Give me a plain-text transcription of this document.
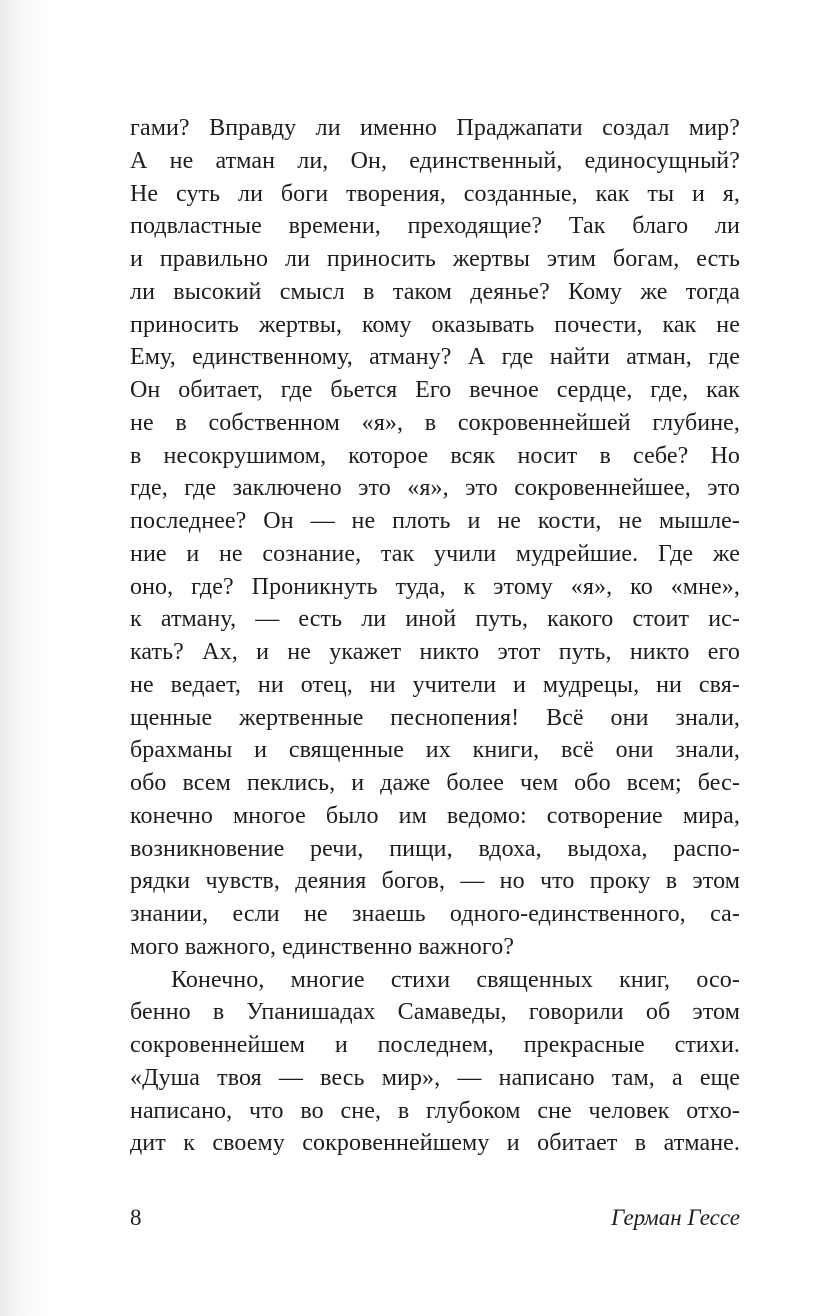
гами? Вправду ли именно Праджапати создал мир?
А не атман ли, Он, единственный, единосущный?
Не суть ли боги творения, созданные, как ты и я,
подвластные времени, преходящие? Так благо ли
и правильно ли приносить жертвы этим богам, есть
ли высокий смысл в таком деянье? Кому же тогда
приносить жертвы, кому оказывать почести, как не
Ему, единственному, атману? А где найти атман, где
Он обитает, где бьется Его вечное сердце, где, как
не в собственном «я», в сокровеннейшей глубине,
в несокрушимом, которое всяк носит в себе? Но
где, где заключено это «я», это сокровеннейшее, это
последнее? Он — не плоть и не кости, не мышле-
ние и не сознание, так учили мудрейшие. Где же
оно, где? Проникнуть туда, к этому «я», ко «мне»,
к атману, — есть ли иной путь, какого стоит ис-
кать? Ах, и не укажет никто этот путь, никто его
не ведает, ни отец, ни учители и мудрецы, ни свя-
щенные жертвенные песнопения! Всё они знали,
брахманы и священные их книги, всё они знали,
обо всем пеклись, и даже более чем обо всем; бес-
конечно многое было им ведомо: сотворение мира,
возникновение речи, пищи, вдоха, выдоха, распо-
рядки чувств, деяния богов, — но что проку в этом
знании, если не знаешь одного-единственного, са-
мого важного, единственно важного?
Конечно, многие стихи священных книг, осо-
бенно в Упанишадах Самаведы, говорили об этом
сокровеннейшем и последнем, прекрасные стихи.
«Душа твоя — весь мир», — написано там, а еще
написано, что во сне, в глубоком сне человек отхо-
дит к своему сокровеннейшему и обитает в атмане.
8	Герман Гессе
